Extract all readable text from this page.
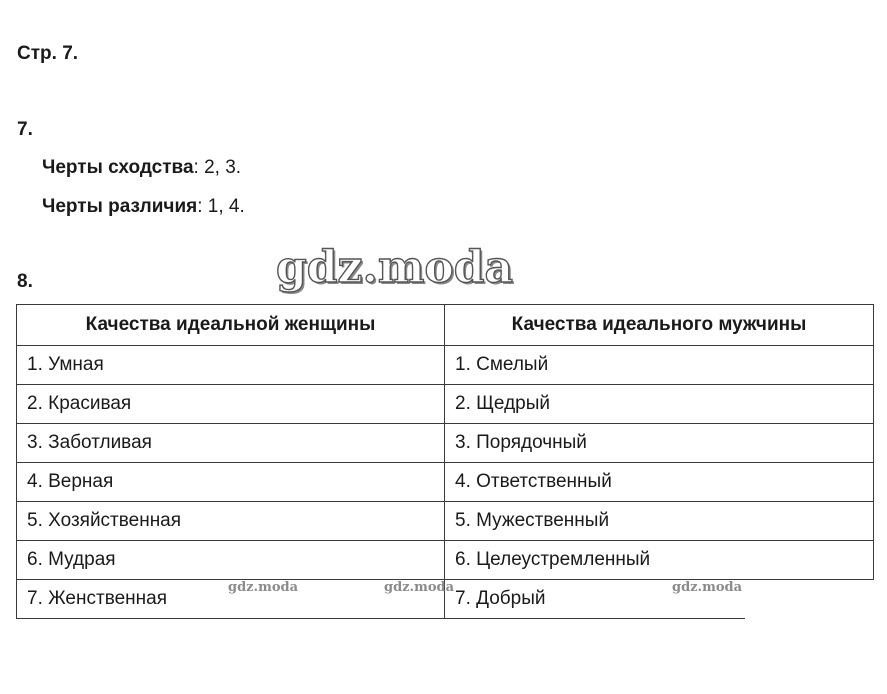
Стр. 7.
7.
Черты сходства: 2, 3.
Черты различия: 1, 4.
8.	gdz.moda
Качества идеальной женщины	Качества идеального мужчины
1. Умная	1. Смелый
2. Красивая	2. Щедрый
3. Заботливая	3. Порядочный
4. Верная	4. Ответственный
5. Хозяйственная	5. Мужественный
6. Мудрая	6. Целеустремленный
7. Женственная	7. Добрый
gdz.moda	gdz.moda	gdz.moda
